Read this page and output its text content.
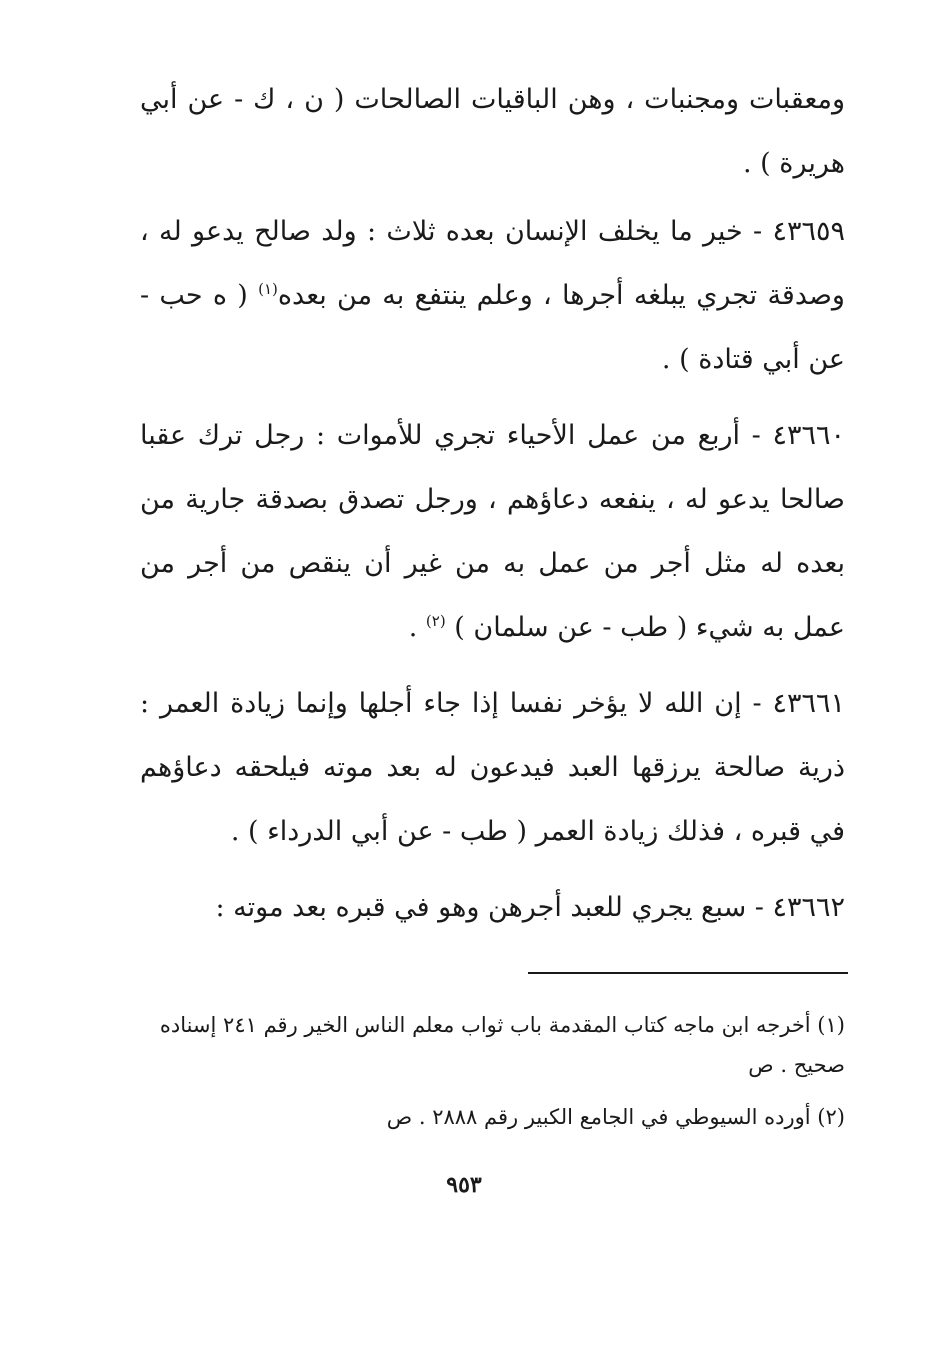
ومعقبات ومجنبات ، وهن الباقيات الصالحات ( ن ، ك - عن أبي هريرة ) .

٤٣٦٥٩ - خير ما يخلف الإنسان بعده ثلاث : ولد صالح يدعو له ، وصدقة تجري يبلغه أجرها ، وعلم ينتفع به من بعده$^{(١)}$ ( ه حب - عن أبي قتادة ) .

٤٣٦٦٠ - أربع من عمل الأحياء تجري للأموات : رجل ترك عقبا صالحا يدعو له ، ينفعه دعاؤهم ، ورجل تصدق بصدقة جارية من بعده له مثل أجر من عمل به من غير أن ينقص من أجر من عمل به شيء ( طب - عن سلمان ) $^{(٢)}$ .

٤٣٦٦١ - إن الله لا يؤخر نفسا إذا جاء أجلها وإنما زيادة العمر : ذرية صالحة يرزقها العبد فيدعون له بعد موته فيلحقه دعاؤهم في قبره ، فذلك زيادة العمر ( طب - عن أبي الدرداء ) .

٤٣٦٦٢ - سبع يجري للعبد أجرهن وهو في قبره بعد موته :

(١) أخرجه ابن ماجه كتاب المقدمة باب ثواب معلم الناس الخير رقم ٢٤١ إسناده صحيح . ص

(٢) أورده السيوطي في الجامع الكبير رقم ٢٨٨٨ . ص

٩٥٣
